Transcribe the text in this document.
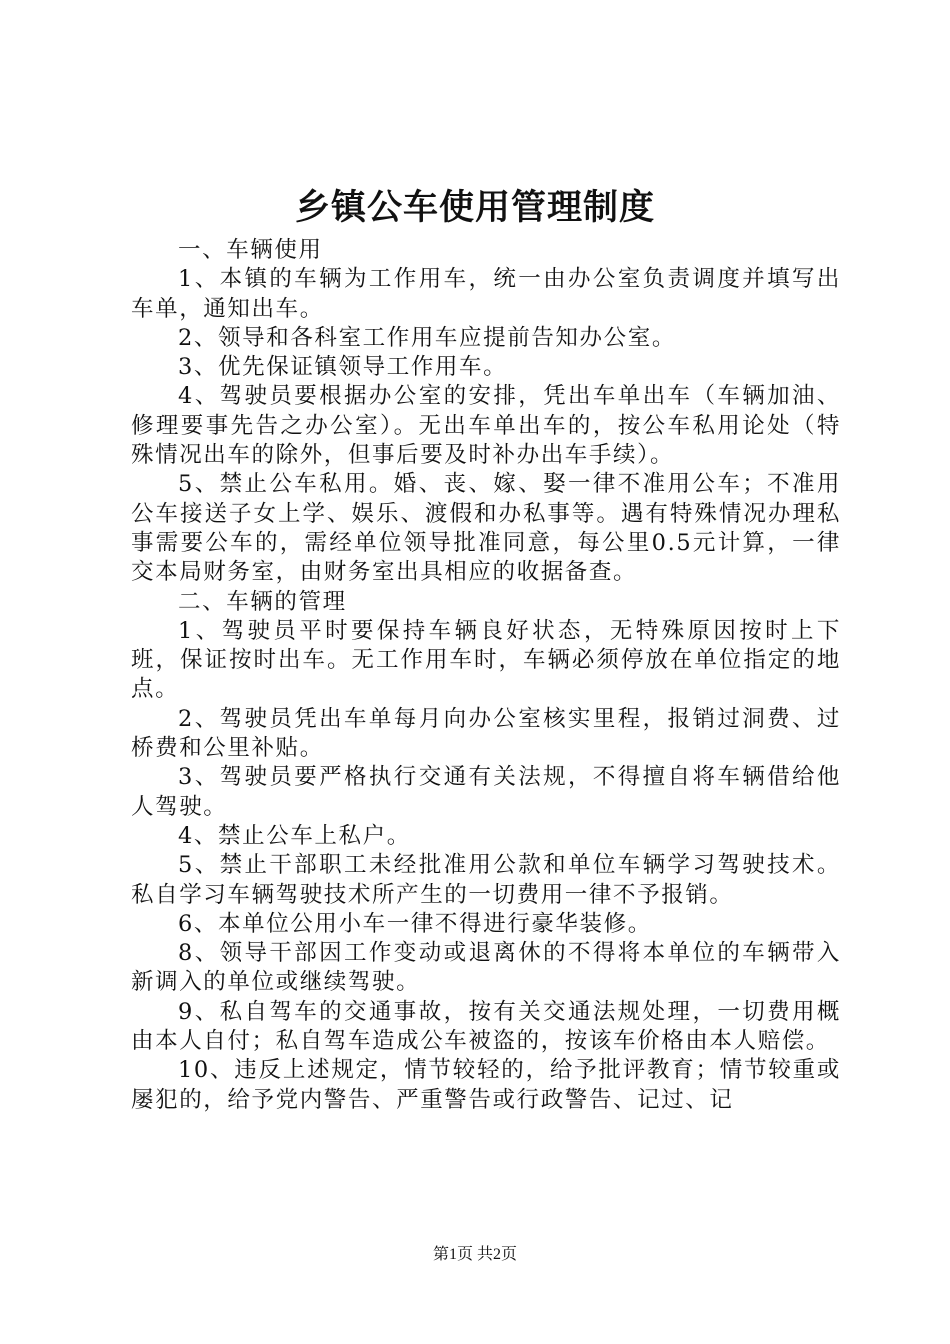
乡镇公车使用管理制度

一、车辆使用

1、本镇的车辆为工作用车，统一由办公室负责调度并填写出车单，通知出车。

2、领导和各科室工作用车应提前告知办公室。

3、优先保证镇领导工作用车。

4、驾驶员要根据办公室的安排，凭出车单出车（车辆加油、修理要事先告之办公室）。无出车单出车的，按公车私用论处（特殊情况出车的除外，但事后要及时补办出车手续）。

5、禁止公车私用。婚、丧、嫁、娶一律不准用公车；不准用公车接送子女上学、娱乐、渡假和办私事等。遇有特殊情况办理私事需要公车的，需经单位领导批准同意，每公里0.5元计算，一律交本局财务室，由财务室出具相应的收据备查。

二、车辆的管理

1、驾驶员平时要保持车辆良好状态，无特殊原因按时上下班，保证按时出车。无工作用车时，车辆必须停放在单位指定的地点。

2、驾驶员凭出车单每月向办公室核实里程，报销过洞费、过桥费和公里补贴。

3、驾驶员要严格执行交通有关法规，不得擅自将车辆借给他人驾驶。

4、禁止公车上私户。

5、禁止干部职工未经批准用公款和单位车辆学习驾驶技术。私自学习车辆驾驶技术所产生的一切费用一律不予报销。

6、本单位公用小车一律不得进行豪华装修。

8、领导干部因工作变动或退离休的不得将本单位的车辆带入新调入的单位或继续驾驶。

9、私自驾车的交通事故，按有关交通法规处理，一切费用概由本人自付；私自驾车造成公车被盗的，按该车价格由本人赔偿。

10、违反上述规定，情节较轻的，给予批评教育；情节较重或屡犯的，给予党内警告、严重警告或行政警告、记过、记

第1页 共2页
